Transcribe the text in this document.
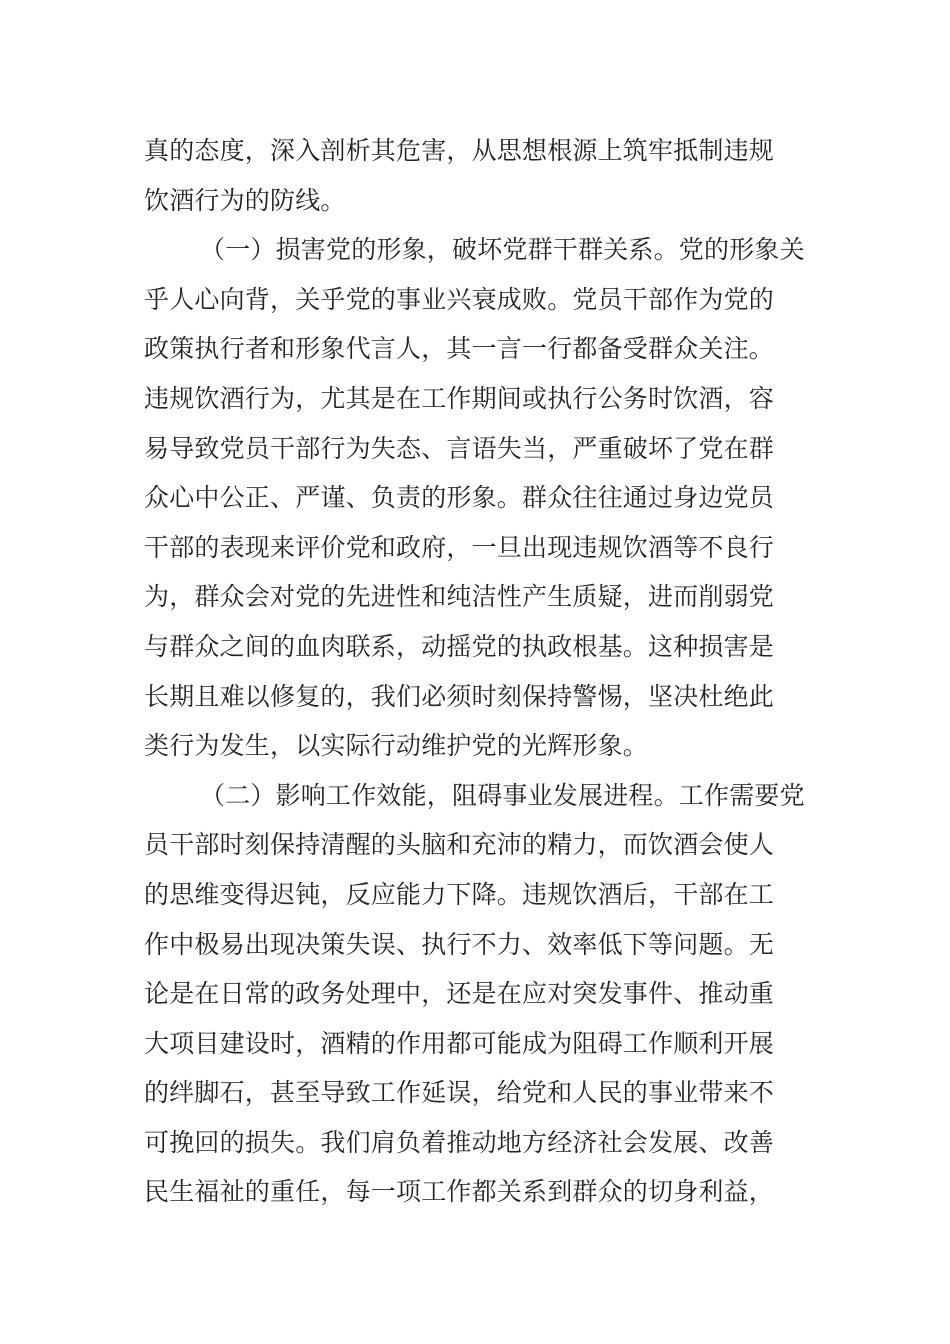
真的态度，深入剖析其危害，从思想根源上筑牢抵制违规
饮酒行为的防线。
（一）损害党的形象，破坏党群干群关系。党的形象关
乎人心向背，关乎党的事业兴衰成败。党员干部作为党的
政策执行者和形象代言人，其一言一行都备受群众关注。
违规饮酒行为，尤其是在工作期间或执行公务时饮酒，容
易导致党员干部行为失态、言语失当，严重破坏了党在群
众心中公正、严谨、负责的形象。群众往往通过身边党员
干部的表现来评价党和政府，一旦出现违规饮酒等不良行
为，群众会对党的先进性和纯洁性产生质疑，进而削弱党
与群众之间的血肉联系，动摇党的执政根基。这种损害是
长期且难以修复的，我们必须时刻保持警惕，坚决杜绝此
类行为发生，以实际行动维护党的光辉形象。
（二）影响工作效能，阻碍事业发展进程。工作需要党
员干部时刻保持清醒的头脑和充沛的精力，而饮酒会使人
的思维变得迟钝，反应能力下降。违规饮酒后，干部在工
作中极易出现决策失误、执行不力、效率低下等问题。无
论是在日常的政务处理中，还是在应对突发事件、推动重
大项目建设时，酒精的作用都可能成为阻碍工作顺利开展
的绊脚石，甚至导致工作延误，给党和人民的事业带来不
可挽回的损失。我们肩负着推动地方经济社会发展、改善
民生福祉的重任，每一项工作都关系到群众的切身利益，
